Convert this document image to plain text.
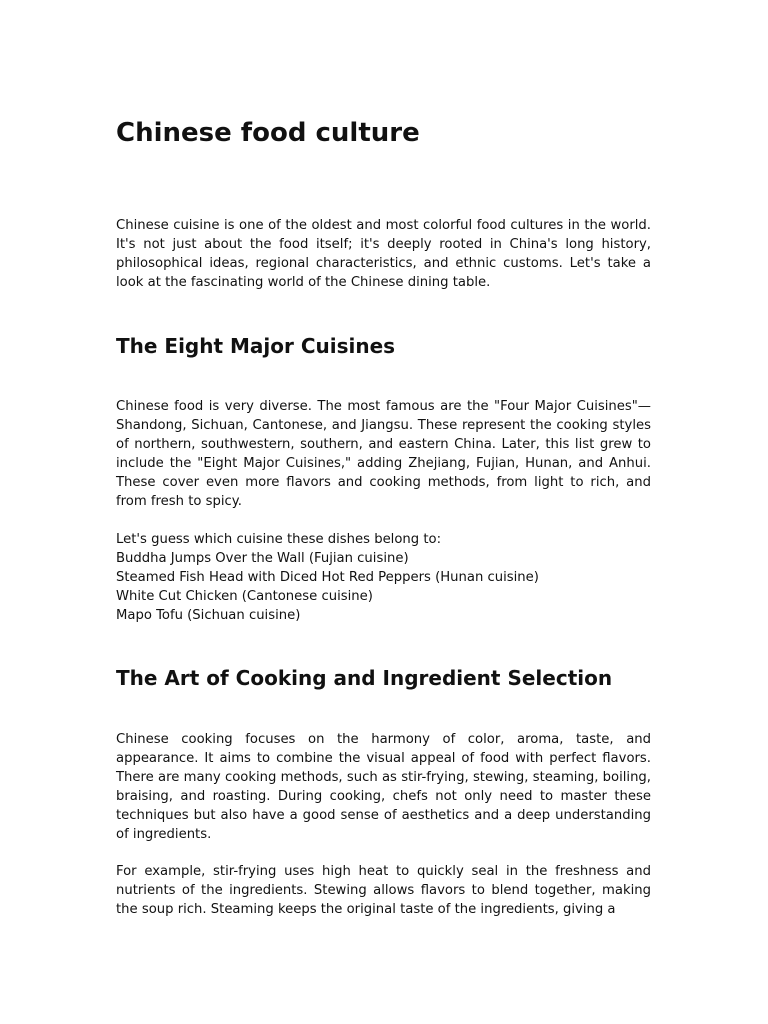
Chinese food culture

Chinese cuisine is one of the oldest and most colorful food cultures in the world. It's not just about the food itself; it's deeply rooted in China's long history, philosophical ideas, regional characteristics, and ethnic customs. Let's take a look at the fascinating world of the Chinese dining table.

The Eight Major Cuisines

Chinese food is very diverse. The most famous are the "Four Major Cuisines"—Shandong, Sichuan, Cantonese, and Jiangsu. These represent the cooking styles of northern, southwestern, southern, and eastern China. Later, this list grew to include the "Eight Major Cuisines," adding Zhejiang, Fujian, Hunan, and Anhui. These cover even more flavors and cooking methods, from light to rich, and from fresh to spicy.

Let's guess which cuisine these dishes belong to:
Buddha Jumps Over the Wall (Fujian cuisine)
Steamed Fish Head with Diced Hot Red Peppers (Hunan cuisine)
White Cut Chicken (Cantonese cuisine)
Mapo Tofu (Sichuan cuisine)
The Art of Cooking and Ingredient Selection

Chinese cooking focuses on the harmony of color, aroma, taste, and appearance. It aims to combine the visual appeal of food with perfect flavors. There are many cooking methods, such as stir-frying, stewing, steaming, boiling, braising, and roasting. During cooking, chefs not only need to master these techniques but also have a good sense of aesthetics and a deep understanding of ingredients.

For example, stir-frying uses high heat to quickly seal in the freshness and nutrients of the ingredients. Stewing allows flavors to blend together, making the soup rich. Steaming keeps the original taste of the ingredients, giving a
